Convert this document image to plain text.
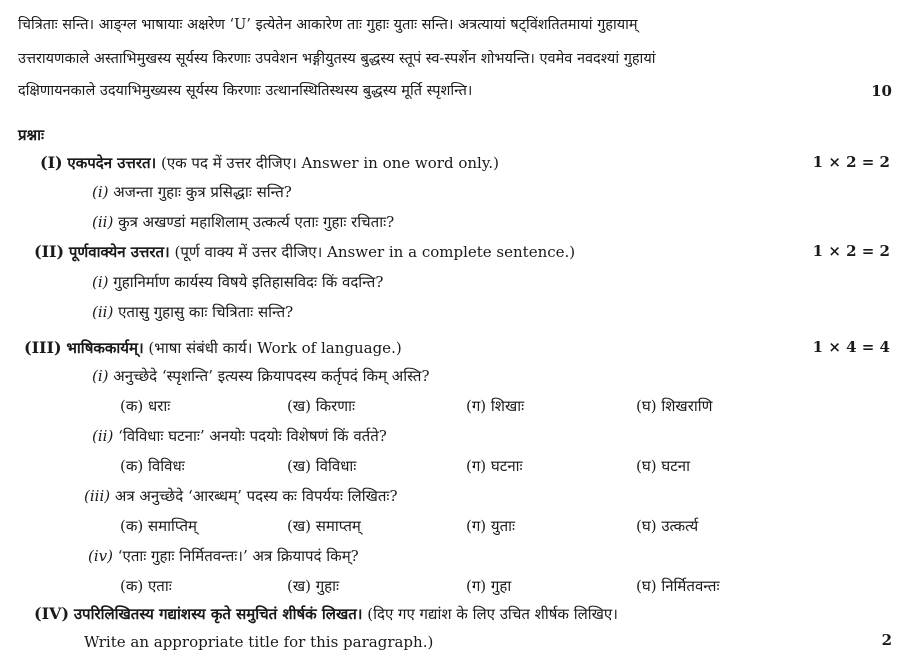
चित्रिताः सन्ति। आङ्ग्ल भाषायाः अक्षरेण ‘U’ इत्येतेन आकारेण ताः गुहाः युताः सन्ति। अत्रत्यायां षट्विंशतितमायां गुहायाम्
उत्तरायणकाले अस्ताभिमुखस्य सूर्यस्य किरणाः उपवेशन भङ्गीयुतस्य बुद्धस्य स्तूपं स्व-स्पर्शेन शोभयन्ति। एवमेव नवदश्यां गुहायां
दक्षिणायनकाले उदयाभिमुख्यस्य सूर्यस्य किरणाः उत्थानस्थितिस्थस्य बुद्धस्य मूर्ति स्पृशन्ति।	10
प्रश्नाः
(I) एकपदेन उत्तरत। (एक पद में उत्तर दीजिए। Answer in one word only.)	1 × 2 = 2
(i) अजन्ता गुहाः कुत्र प्रसिद्धाः सन्ति?
(ii) कुत्र अखण्डां महाशिलाम् उत्कर्त्य एताः गुहाः रचिताः?
(II) पूर्णवाक्येन उत्तरत। (पूर्ण वाक्य में उत्तर दीजिए। Answer in a complete sentence.)	1 × 2 = 2
(i) गुहानिर्माण कार्यस्य विषये इतिहासविदः किं वदन्ति?
(ii) एतासु गुहासु काः चित्रिताः सन्ति?
(III) भाषिककार्यम्। (भाषा संबंधी कार्य। Work of language.)	1 × 4 = 4
(i) अनुच्छेदे ‘स्पृशन्ति’ इत्यस्य क्रियापदस्य कर्तृपदं किम् अस्ति?
(क) धराः	(ख) किरणाः	(ग) शिखाः	(घ) शिखराणि
(ii) ‘विविधाः घटनाः’ अनयोः पदयोः विशेषणं किं वर्तते?
(क) विविधः	(ख) विविधाः	(ग) घटनाः	(घ) घटना
(iii) अत्र अनुच्छेदे ‘आरब्धम्’ पदस्य कः विपर्ययः लिखितः?
(क) समाप्तिम्	(ख) समाप्तम्	(ग) युताः	(घ) उत्कर्त्य
(iv) ‘एताः गुहाः निर्मितवन्तः।’ अत्र क्रियापदं किम्?
(क) एताः	(ख) गुहाः	(ग) गुहा	(घ) निर्मितवन्तः
(IV) उपरिलिखितस्य गद्यांशस्य कृते समुचितं शीर्षकं लिखत। (दिए गए गद्यांश के लिए उचित शीर्षक लिखिए।
Write an appropriate title for this paragraph.)	2
